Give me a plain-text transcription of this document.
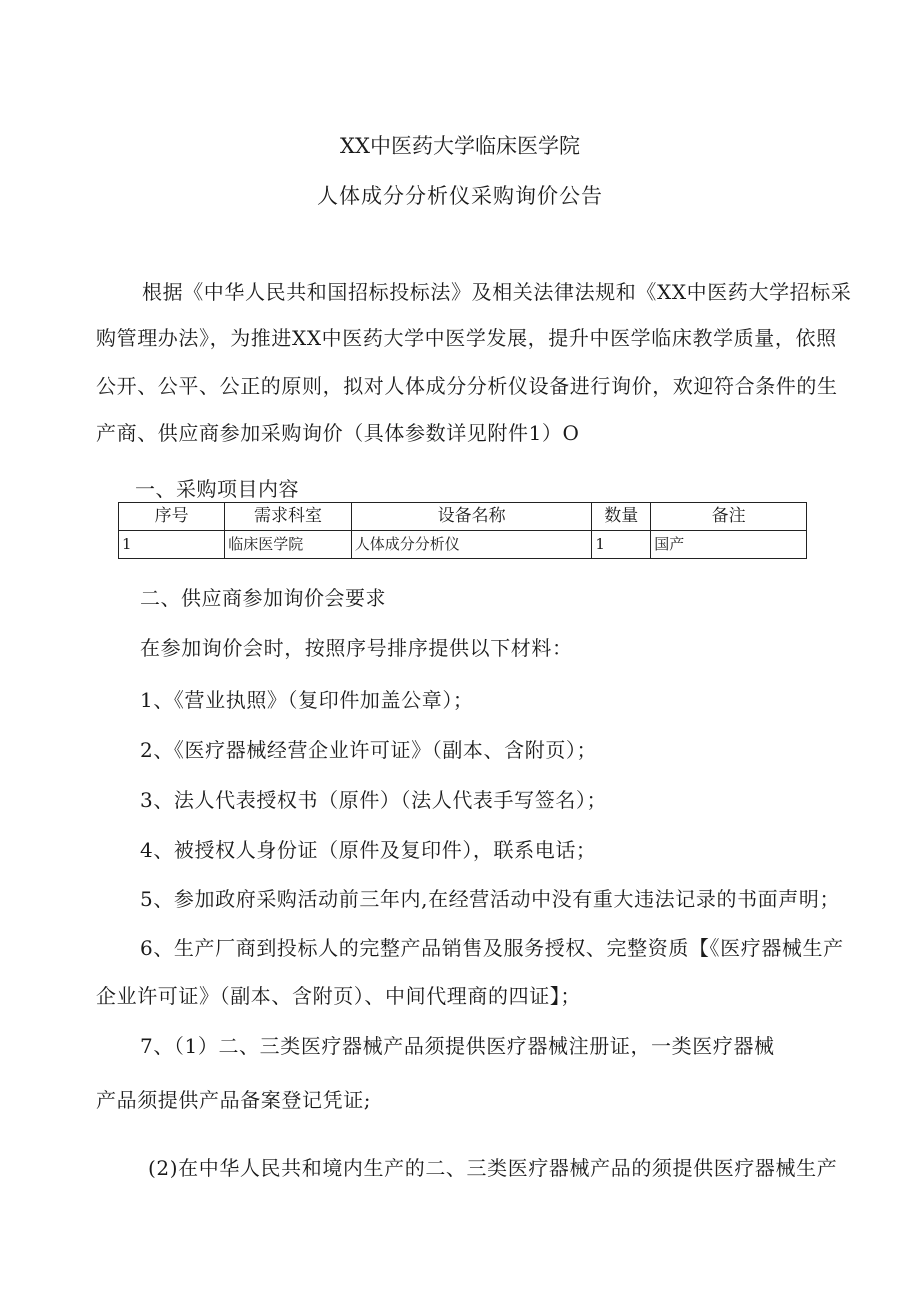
XX中医药大学临床医学院

人体成分分析仪采购询价公告

根据《中华人民共和国招标投标法》及相关法律法规和《XX中医药大学招标采

购管理办法》，为推进XX中医药大学中医学发展，提升中医学临床教学质量，依照

公开、公平、公正的原则，拟对人体成分分析仪设备进行询价，欢迎符合条件的生

产商、供应商参加采购询价（具体参数详见附件1）O

一、采购项目内容

序号	需求科室	设备名称	数量	备注
1	临床医学院	人体成分分析仪	1	国产

二、供应商参加询价会要求

在参加询价会时，按照序号排序提供以下材料：

1、《营业执照》（复印件加盖公章）；

2、《医疗器械经营企业许可证》（副本、含附页）；

3、法人代表授权书（原件）（法人代表手写签名）；

4、被授权人身份证（原件及复印件），联系电话；

5、参加政府采购活动前三年内,在经营活动中没有重大违法记录的书面声明；

6、生产厂商到投标人的完整产品销售及服务授权、完整资质【《医疗器械生产

企业许可证》（副本、含附页）、中间代理商的四证】；

7、（1）二、三类医疗器械产品须提供医疗器械注册证，一类医疗器械

产品须提供产品备案登记凭证;

(2)在中华人民共和境内生产的二、三类医疗器械产品的须提供医疗器械生产
